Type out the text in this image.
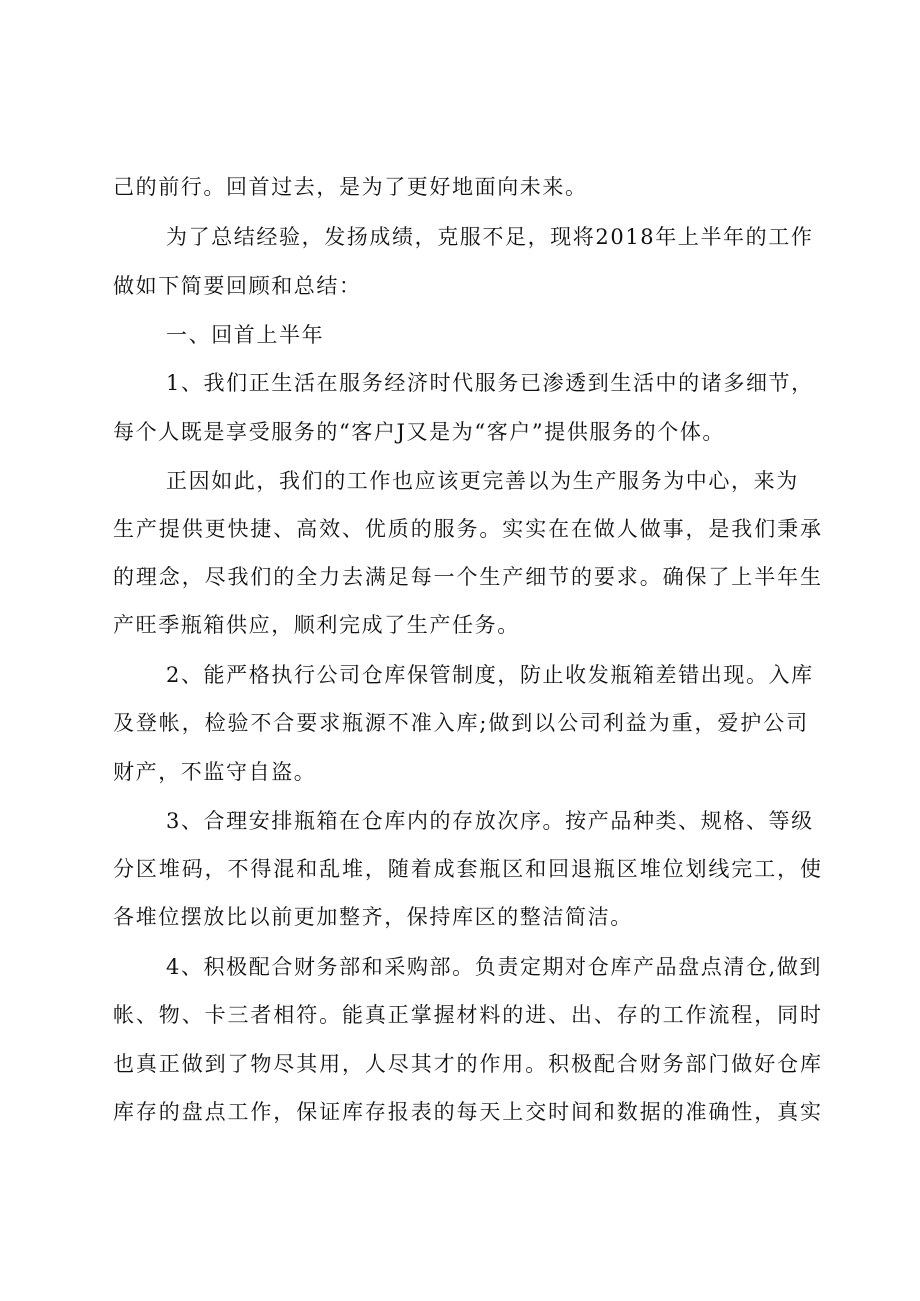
己的前行。回首过去，是为了更好地面向未来。
为了总结经验，发扬成绩，克服不足，现将2018年上半年的工作
做如下简要回顾和总结：
一、回首上半年
1、我们正生活在服务经济时代服务已渗透到生活中的诸多细节，
每个人既是享受服务的“客户J又是为“客户”提供服务的个体。
正因如此，我们的工作也应该更完善以为生产服务为中心，来为
生产提供更快捷、高效、优质的服务。实实在在做人做事，是我们秉承
的理念，尽我们的全力去满足每一个生产细节的要求。确保了上半年生
产旺季瓶箱供应，顺利完成了生产任务。
2、能严格执行公司仓库保管制度，防止收发瓶箱差错出现。入库
及登帐，检验不合要求瓶源不准入库;做到以公司利益为重，爱护公司
财产，不监守自盗。
3、合理安排瓶箱在仓库内的存放次序。按产品种类、规格、等级
分区堆码，不得混和乱堆，随着成套瓶区和回退瓶区堆位划线完工，使
各堆位摆放比以前更加整齐，保持库区的整洁简洁。
4、积极配合财务部和采购部。负责定期对仓库产品盘点清仓,做到
帐、物、卡三者相符。能真正掌握材料的进、出、存的工作流程，同时
也真正做到了物尽其用，人尽其才的作用。积极配合财务部门做好仓库
库存的盘点工作，保证库存报表的每天上交时间和数据的准确性，真实
